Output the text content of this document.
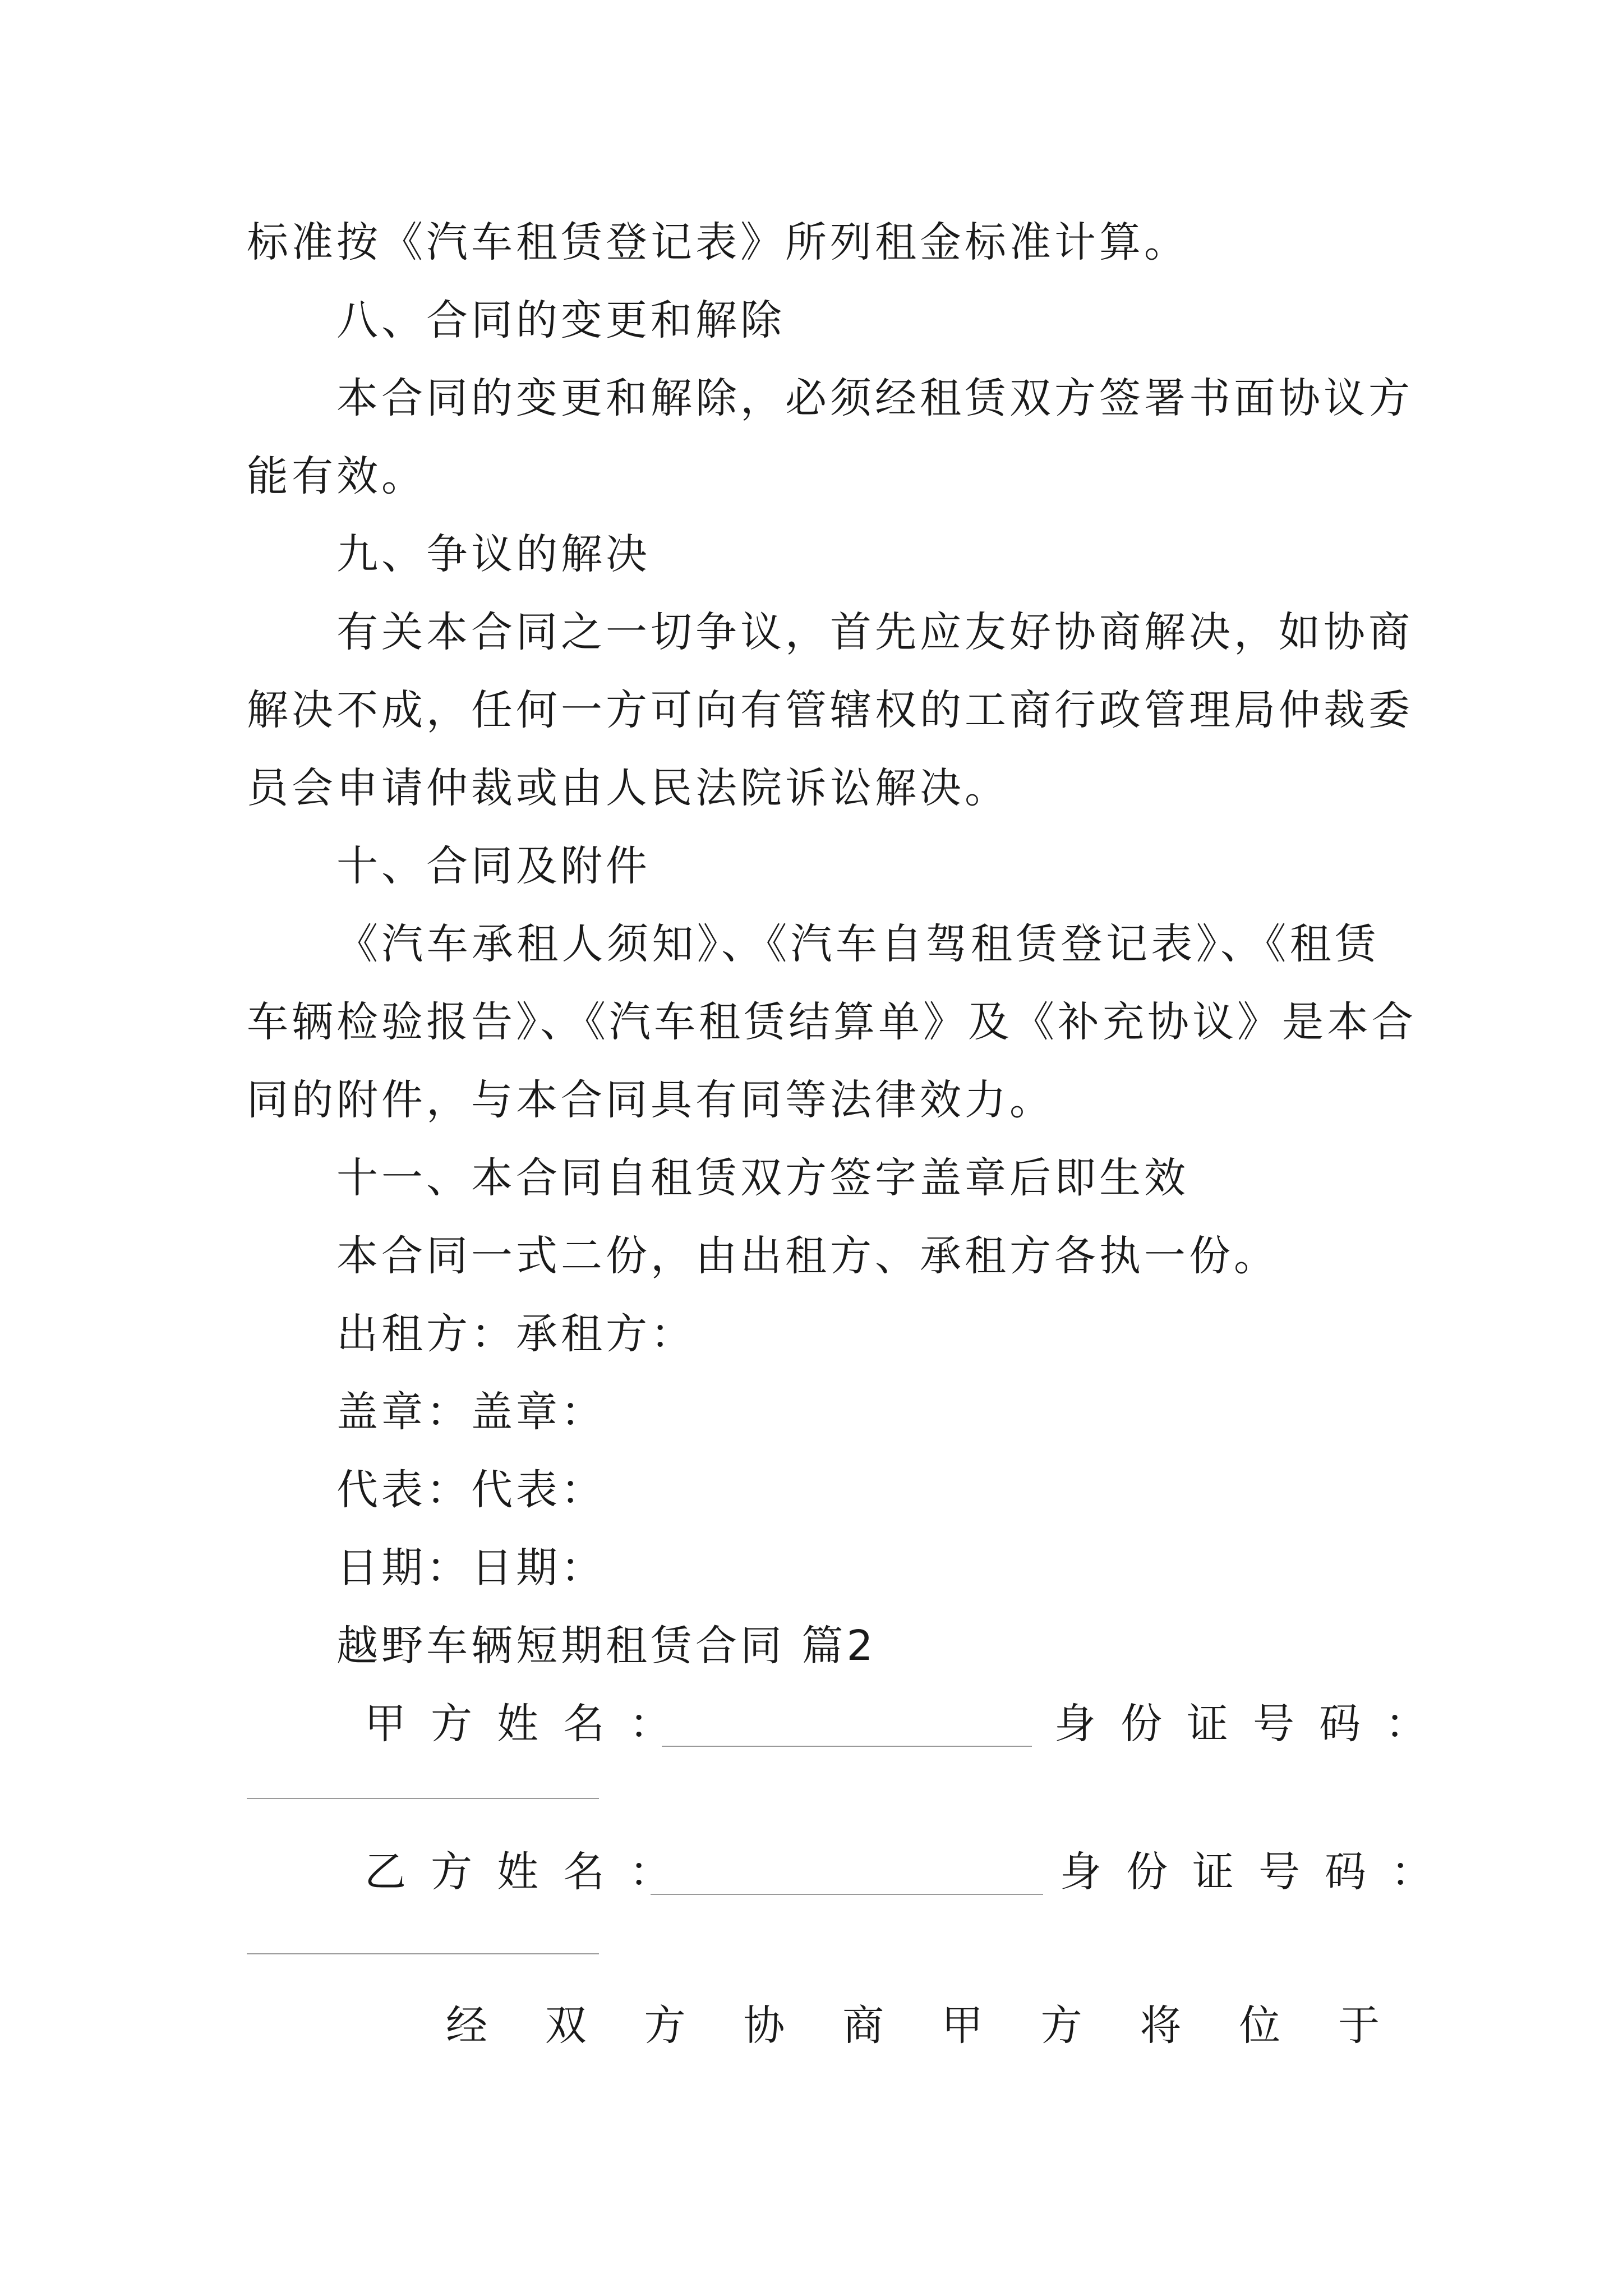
标准按《汽车租赁登记表》所列租金标准计算。
八、合同的变更和解除
本合同的变更和解除，必须经租赁双方签署书面协议方
能有效。
九、争议的解决
有关本合同之一切争议，首先应友好协商解决，如协商
解决不成，任何一方可向有管辖权的工商行政管理局仲裁委
员会申请仲裁或由人民法院诉讼解决。
十、合同及附件
《汽车承租人须知》、《汽车自驾租赁登记表》、《租赁
车辆检验报告》、《汽车租赁结算单》及《补充协议》是本合
同的附件，与本合同具有同等法律效力。
十一、本合同自租赁双方签字盖章后即生效
本合同一式二份，由出租方、承租方各执一份。
出租方：承租方：
盖章：盖章：
代表：代表：
日期：日期：
越野车辆短期租赁合同 篇2
甲方姓名：	身份证号码：
乙方姓名：	身份证号码：
经双方协商甲方将位于
